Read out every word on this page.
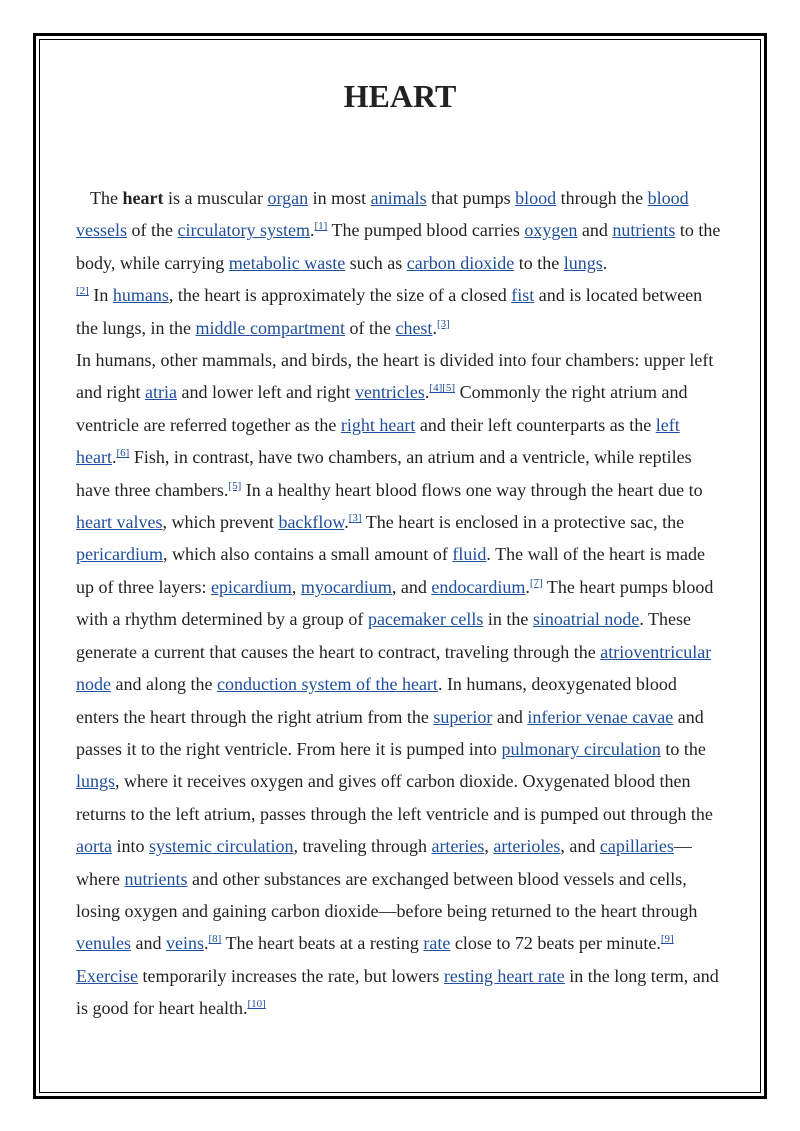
HEART

The heart is a muscular organ in most animals that pumps blood through the blood vessels of the circulatory system.[1] The pumped blood carries oxygen and nutrients to the body, while carrying metabolic waste such as carbon dioxide to the lungs.
[2] In humans, the heart is approximately the size of a closed fist and is located between the lungs, in the middle compartment of the chest.[3]
In humans, other mammals, and birds, the heart is divided into four chambers: upper left and right atria and lower left and right ventricles.[4][5] Commonly the right atrium and ventricle are referred together as the right heart and their left counterparts as the left heart.[6] Fish, in contrast, have two chambers, an atrium and a ventricle, while reptiles have three chambers.[5] In a healthy heart blood flows one way through the heart due to heart valves, which prevent backflow.[3] The heart is enclosed in a protective sac, the pericardium, which also contains a small amount of fluid. The wall of the heart is made up of three layers: epicardium, myocardium, and endocardium.[7] The heart pumps blood with a rhythm determined by a group of pacemaker cells in the sinoatrial node. These generate a current that causes the heart to contract, traveling through the atrioventricular node and along the conduction system of the heart. In humans, deoxygenated blood enters the heart through the right atrium from the superior and inferior venae cavae and passes it to the right ventricle. From here it is pumped into pulmonary circulation to the lungs, where it receives oxygen and gives off carbon dioxide. Oxygenated blood then returns to the left atrium, passes through the left ventricle and is pumped out through the aorta into systemic circulation, traveling through arteries, arterioles, and capillaries—where nutrients and other substances are exchanged between blood vessels and cells, losing oxygen and gaining carbon dioxide—before being returned to the heart through venules and veins.[8] The heart beats at a resting rate close to 72 beats per minute.[9] Exercise temporarily increases the rate, but lowers resting heart rate in the long term, and is good for heart health.[10]
